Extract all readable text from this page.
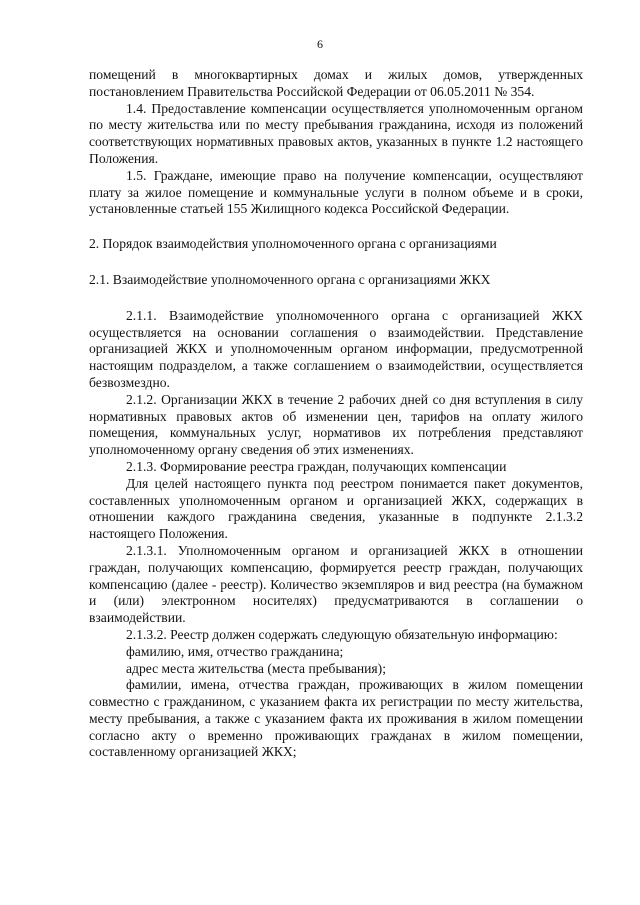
6

помещений в многоквартирных домах и жилых домов, утвержденных постановлением Правительства Российской Федерации от 06.05.2011 № 354.

1.4. Предоставление компенсации осуществляется уполномоченным органом по месту жительства или по месту пребывания гражданина, исходя из положений соответствующих нормативных правовых актов, указанных в пункте 1.2 настоящего Положения.

1.5. Граждане, имеющие право на получение компенсации, осуществляют плату за жилое помещение и коммунальные услуги в полном объеме и в сроки, установленные статьей 155 Жилищного кодекса Российской Федерации.

2. Порядок взаимодействия уполномоченного органа с организациями

2.1. Взаимодействие уполномоченного органа с организациями ЖКХ

2.1.1. Взаимодействие уполномоченного органа с организацией ЖКХ осуществляется на основании соглашения о взаимодействии. Представление организацией ЖКХ и уполномоченным органом информации, предусмотренной настоящим подразделом, а также соглашением о взаимодействии, осуществляется безвозмездно.

2.1.2. Организации ЖКХ в течение 2 рабочих дней со дня вступления в силу нормативных правовых актов об изменении цен, тарифов на оплату жилого помещения, коммунальных услуг, нормативов их потребления представляют уполномоченному органу сведения об этих изменениях.

2.1.3. Формирование реестра граждан, получающих компенсации

Для целей настоящего пункта под реестром понимается пакет документов, составленных уполномоченным органом и организацией ЖКХ, содержащих в отношении каждого гражданина сведения, указанные в подпункте 2.1.3.2 настоящего Положения.

2.1.3.1. Уполномоченным органом и организацией ЖКХ в отношении граждан, получающих компенсацию, формируется реестр граждан, получающих компенсацию (далее - реестр). Количество экземпляров и вид реестра (на бумажном и (или) электронном носителях) предусматриваются в соглашении о взаимодействии.

2.1.3.2. Реестр должен содержать следующую обязательную информацию:

фамилию, имя, отчество гражданина;

адрес места жительства (места пребывания);

фамилии, имена, отчества граждан, проживающих в жилом помещении совместно с гражданином, с указанием факта их регистрации по месту жительства, месту пребывания, а также с указанием факта их проживания в жилом помещении согласно акту о временно проживающих гражданах в жилом помещении, составленному организацией ЖКХ;
